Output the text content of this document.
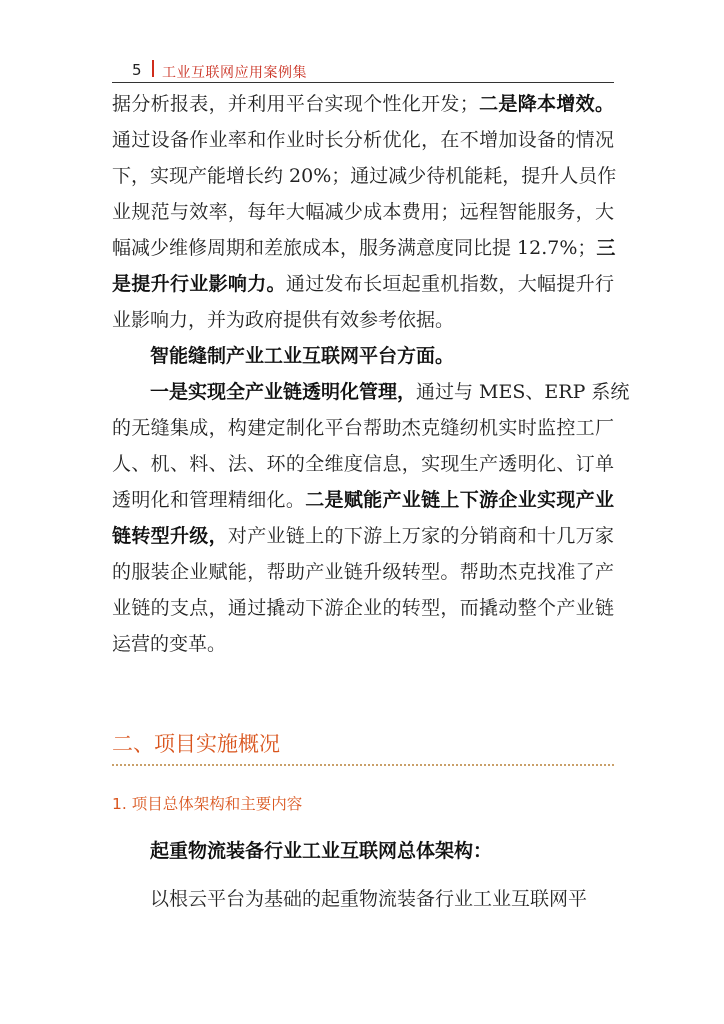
5 工业互联网应用案例集
据分析报表，并利用平台实现个性化开发；二是降本增效。
通过设备作业率和作业时长分析优化，在不增加设备的情况
下，实现产能增长约 20%；通过减少待机能耗，提升人员作
业规范与效率，每年大幅减少成本费用；远程智能服务，大
幅减少维修周期和差旅成本，服务满意度同比提 12.7%；三
是提升行业影响力。通过发布长垣起重机指数，大幅提升行
业影响力，并为政府提供有效参考依据。
智能缝制产业工业互联网平台方面。
一是实现全产业链透明化管理，通过与 MES、ERP 系统
的无缝集成，构建定制化平台帮助杰克缝纫机实时监控工厂
人、机、料、法、环的全维度信息，实现生产透明化、订单
透明化和管理精细化。二是赋能产业链上下游企业实现产业
链转型升级，对产业链上的下游上万家的分销商和十几万家
的服装企业赋能，帮助产业链升级转型。帮助杰克找准了产
业链的支点，通过撬动下游企业的转型，而撬动整个产业链
运营的变革。
二、项目实施概况
1. 项目总体架构和主要内容
起重物流装备行业工业互联网总体架构：
以根云平台为基础的起重物流装备行业工业互联网平
